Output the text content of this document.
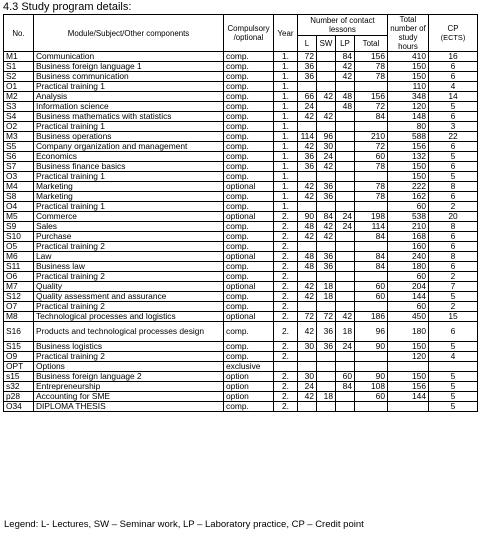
4.3 Study program details:
No.	Module/Subject/Other components	Compulsory /optional	Year	Number of contact lessons				Total number of study hours	CP
(ECTS)

				L	SW	LP	Total		
M1	Communication	comp.	1.	72		84	156	410	16
S1	Business foreign language 1	comp.	1.	36		42	78	150	6
S2	Business communication	comp.	1.	36		42	78	150	6
O1	Practical training 1	comp.	1.					110	4
M2	Analysis	comp.	1.	66	42	48	156	348	14
S3	Information science	comp.	1.	24		48	72	120	5
S4	Business mathematics with statistics	comp.	1.	42	42		84	148	6
O2	Practical training 1	comp.	1.					80	3
M3	Business operations	comp.	1.	114	96		210	588	22
S5	Company organization and management	comp.	1.	42	30		72	156	6
S6	Economics	comp.	1.	36	24		60	132	5
S7	Business finance basics	comp.	1.	36	42		78	150	6
O3	Practical training 1	comp.	1.					150	5
M4	Marketing	optional	1.	42	36		78	222	8
S8	Marketing	comp.	1.	42	36		78	162	6
O4	Practical training 1	comp.	1.					60	2
M5	Commerce	optional	2.	90	84	24	198	538	20
S9	Sales	comp.	2.	48	42	24	114	210	8
S10	Purchase	comp.	2.	42	42		84	168	6
O5	Practical training 2	comp.	2.					160	6
M6	Law	optional	2.	48	36		84	240	8
S11	Business law	comp.	2.	48	36		84	180	6
O6	Practical training 2	comp.	2.					60	2
M7	Quality	optional	2.	42	18		60	204	7
S12	Quality assessment and assurance	comp.	2.	42	18		60	144	5
O7	Practical training 2	comp.	2.					60	2
M8	Technological processes and logistics	optional	2.	72	72	42	186	450	15
S16	Products and technological processes design	comp.	2.	42	36	18	96	180	6
S15	Business logistics	comp.	2.	30	36	24	90	150	5
O9	Practical training 2	comp.	2.					120	4
OPT	Options	exclusive							
s15	Business foreign language 2	option	2.	30		60	90	150	5
s32	Entrepreneurship	option	2.	24		84	108	156	5
p28	Accounting for SME	option	2.	42	18		60	144	5
O34	DIPLOMA THESIS	comp.	2.						5
Legend: L- Lectures, SW – Seminar work, LP – Laboratory practice, CP – Credit point
